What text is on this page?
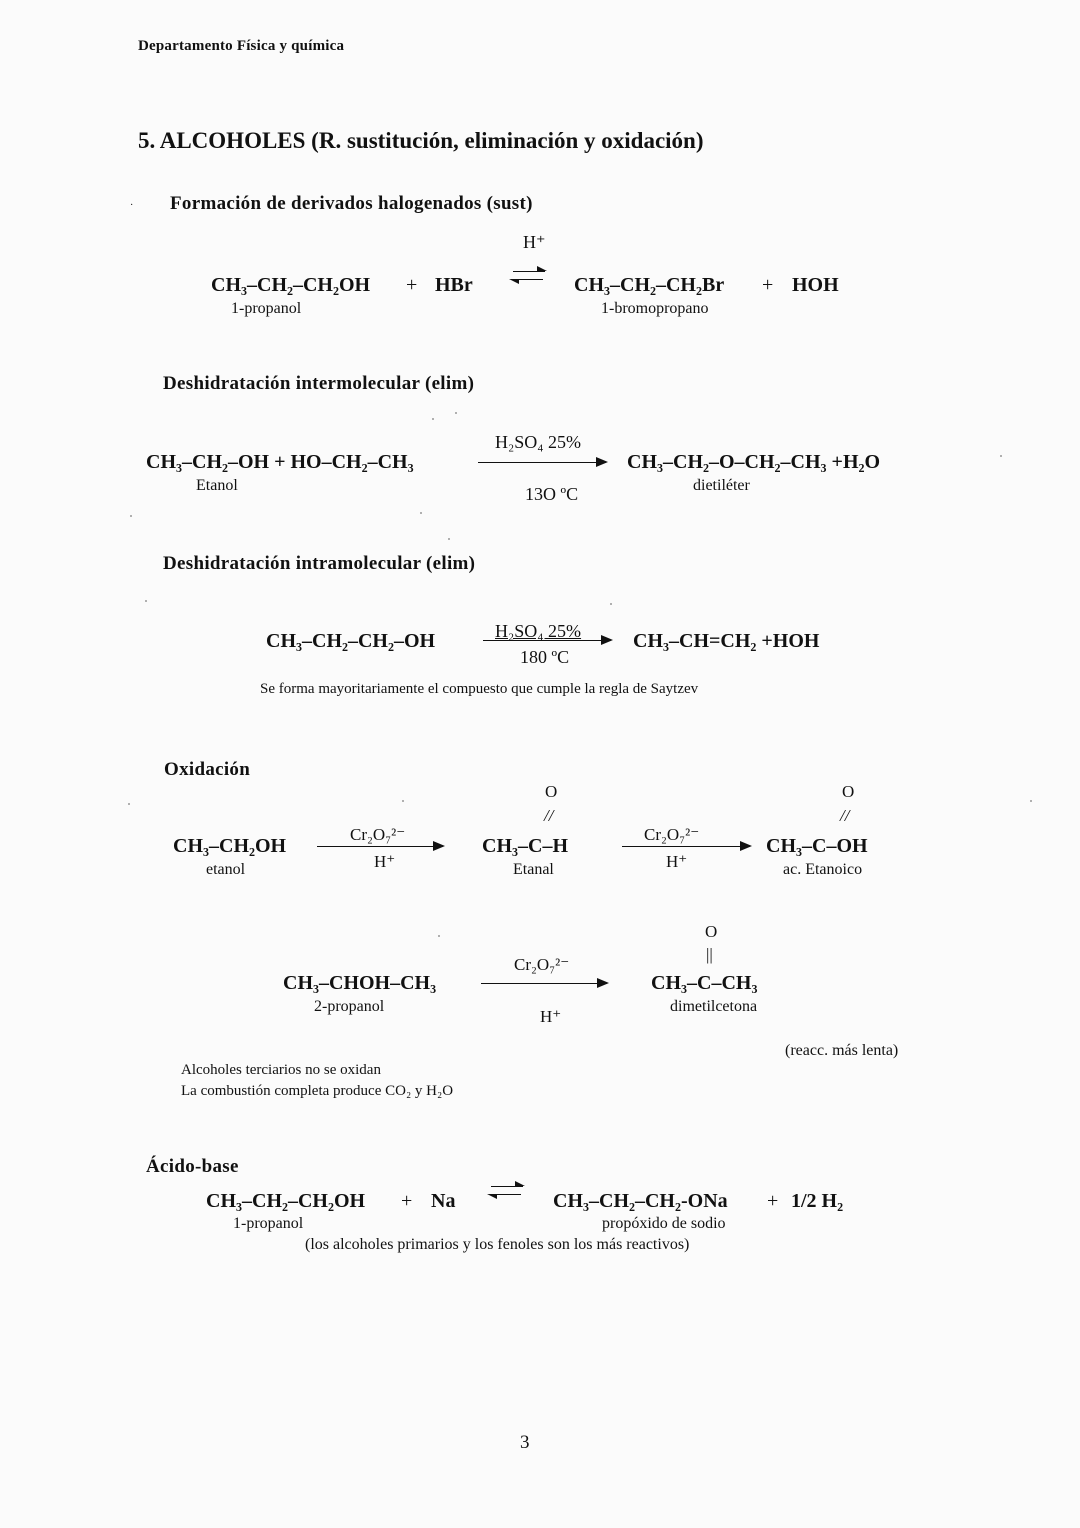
Departamento Física y química
5. ALCOHOLES (R. sustitución, eliminación y oxidación)
· Formación de derivados halogenados (sust)
H⁺
CH₃–CH₂–CH₂OH + HBr	CH₃–CH₂–CH₂Br + HOH
1-propanol	1-bromopropano
Deshidratación intermolecular (elim)
H₂SO₄ 25%
CH₃–CH₂–OH + HO–CH₂–CH₃	CH₃–CH₂–O–CH₂–CH₃ +H₂O
Etanol	13O ºC	dietiléter
Deshidratación intramolecular (elim)
H₂SO₄ 25%
CH₃–CH₂–CH₂–OH	CH₃–CH=CH₂ +HOH
180 ºC
Se forma mayoritariamente el compuesto que cumple la regla de Saytzev
Oxidación
O
//
O
//
Cr₂O₇²⁻	Cr₂O₇²⁻
CH₃–CH₂OH	CH₃–C–H	CH₃–C–OH
H⁺	H⁺
etanol	Etanal	ac. Etanoico
O
||
Cr₂O₇²⁻
CH₃–CHOH–CH₃	CH₃–C–CH₃
2-propanol	dimetilcetona
H⁺
(reacc. más lenta)
Alcoholes terciarios no se oxidan
La combustión completa produce CO₂ y H₂O
Ácido-base
CH₃–CH₂–CH₂OH + Na	CH₃–CH₂–CH₂-ONa + 1/2 H₂
1-propanol	propóxido de sodio
(los alcoholes primarios y los fenoles son los más reactivos)
3
